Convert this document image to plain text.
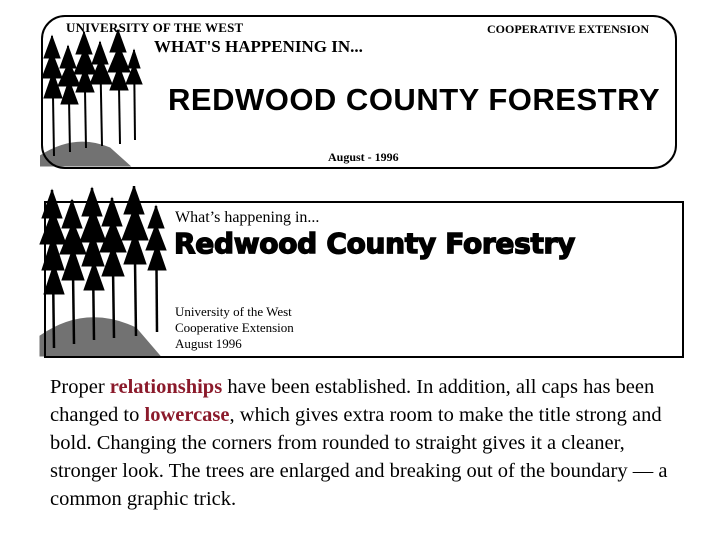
UNIVERSITY OF THE WEST	COOPERATIVE EXTENSION
WHAT'S HAPPENING IN...
REDWOOD COUNTY FORESTRY
August - 1996
What’s happening in...
Redwood County Forestry
University of the West
Cooperative Extension
August 1996
Proper relationships have been established. In addition, all caps has been changed to lowercase, which gives extra room to make the title strong and bold. Changing the corners from rounded to straight gives it a cleaner, stronger look. The trees are enlarged and breaking out of the boundary — a common graphic trick.
